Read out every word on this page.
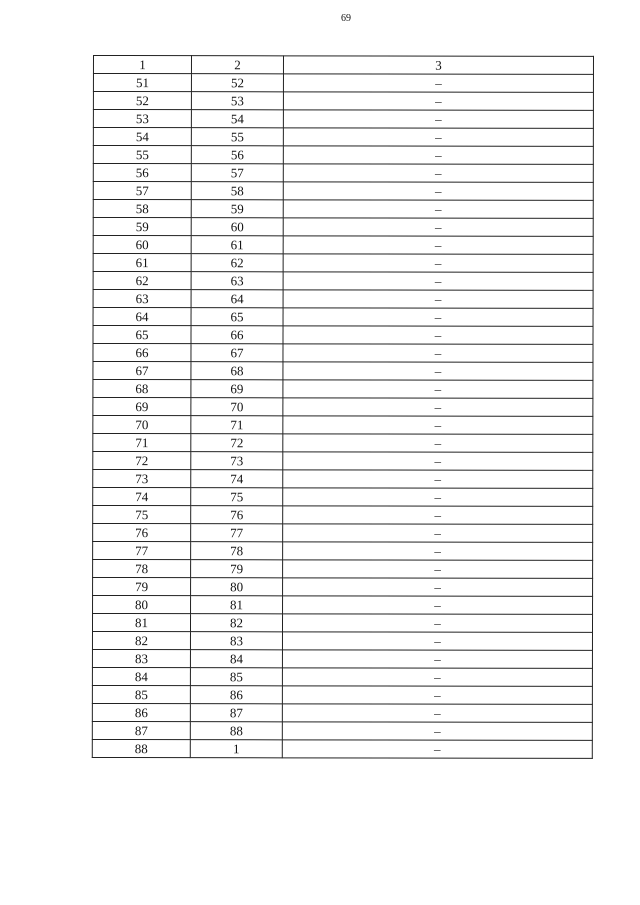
69
1	2	3
51	52	–
52	53	–
53	54	–
54	55	–
55	56	–
56	57	–
57	58	–
58	59	–
59	60	–
60	61	–
61	62	–
62	63	–
63	64	–
64	65	–
65	66	–
66	67	–
67	68	–
68	69	–
69	70	–
70	71	–
71	72	–
72	73	–
73	74	–
74	75	–
75	76	–
76	77	–
77	78	–
78	79	–
79	80	–
80	81	–
81	82	–
82	83	–
83	84	–
84	85	–
85	86	–
86	87	–
87	88	–
88	1	–
